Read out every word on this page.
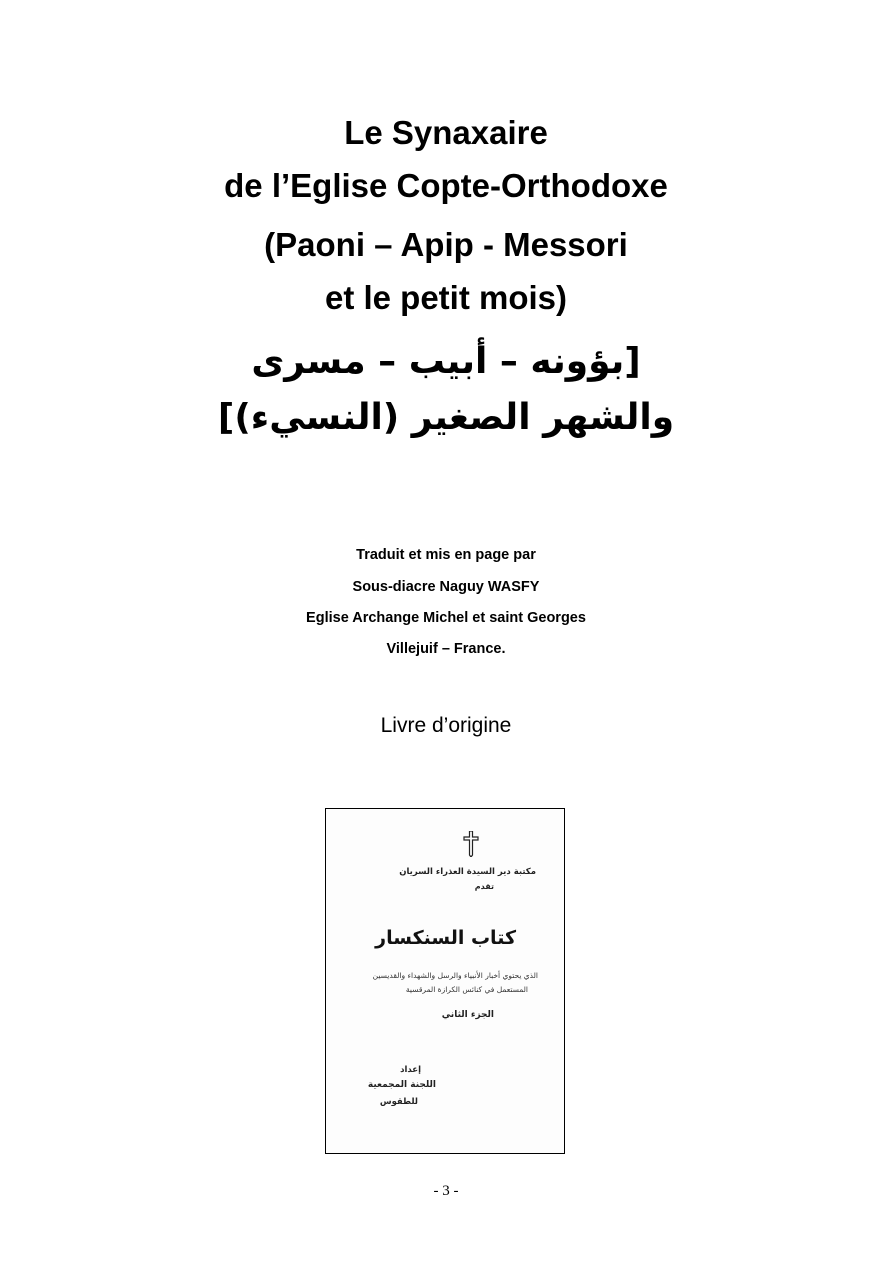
Le Synaxaire
de l’Eglise Copte-Orthodoxe
(Paoni – Apip - Messori
et le petit mois)
[بؤونه – أبيب – مسرى
والشهر الصغير (النسيء)]
Traduit et mis en page par
Sous-diacre Naguy WASFY
Eglise Archange Michel et saint Georges
Villejuif – France.
Livre d’origine
مكتبة دير السيدة العذراء السريان
تقدم
كتاب السنكسار
الذي يحتوي أخبار الأنبياء والرسل والشهداء والقديسين
المستعمل في كنائس الكرازة المرقسية
الجزء الثاني
إعداد
اللجنة المجمعية
للطقوس
- 3 -
